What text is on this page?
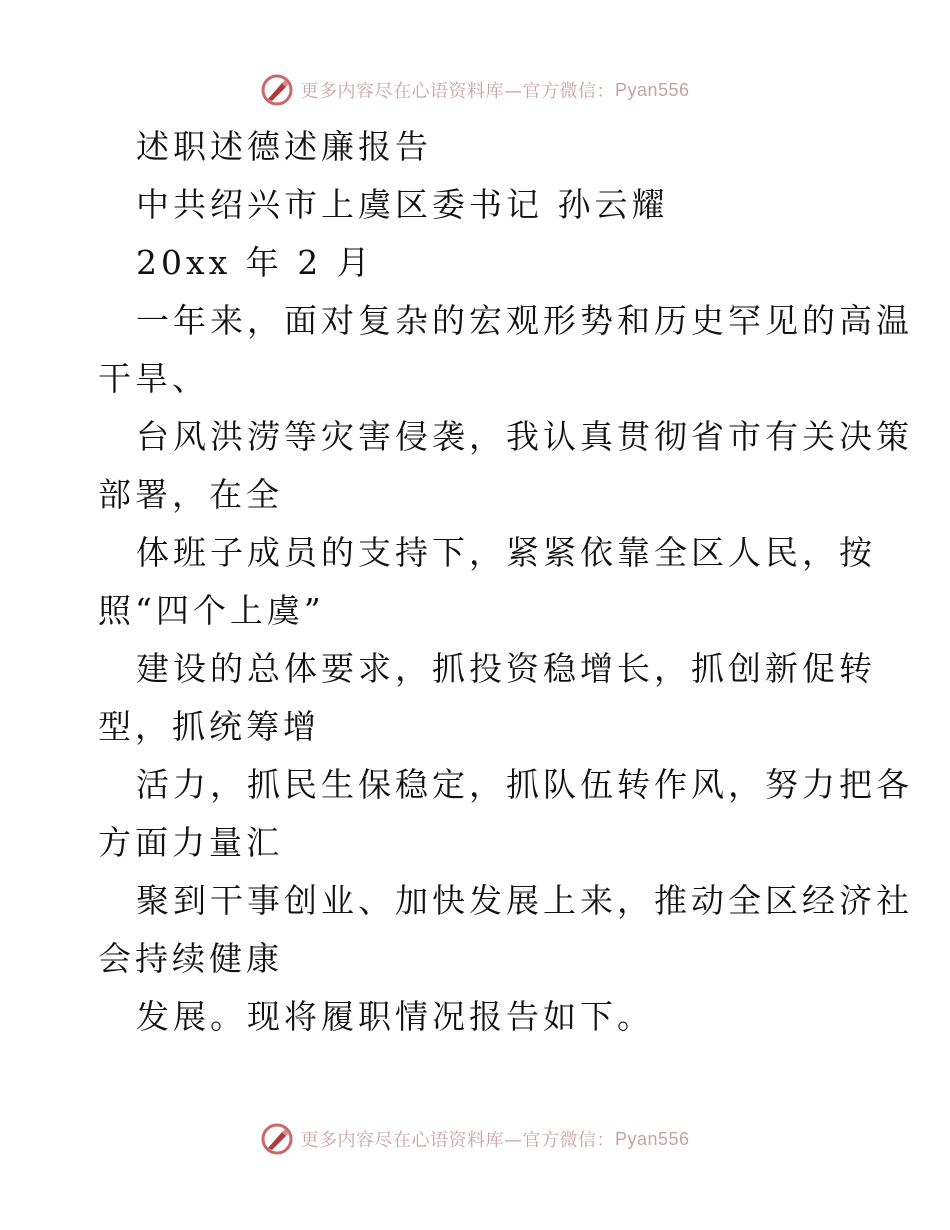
更多内容尽在心语资料库—官方微信： Pyan556
述职述德述廉报告
中共绍兴市上虞区委书记 孙云耀
20xx 年 2 月
一年来，面对复杂的宏观形势和历史罕见的高温
干旱、
台风洪涝等灾害侵袭，我认真贯彻省市有关决策
部署，在全
体班子成员的支持下，紧紧依靠全区人民，按
照“四个上虞”
建设的总体要求，抓投资稳增长，抓创新促转
型，抓统筹增
活力，抓民生保稳定，抓队伍转作风，努力把各
方面力量汇
聚到干事创业、加快发展上来，推动全区经济社
会持续健康
发展。现将履职情况报告如下。
更多内容尽在心语资料库—官方微信： Pyan556
